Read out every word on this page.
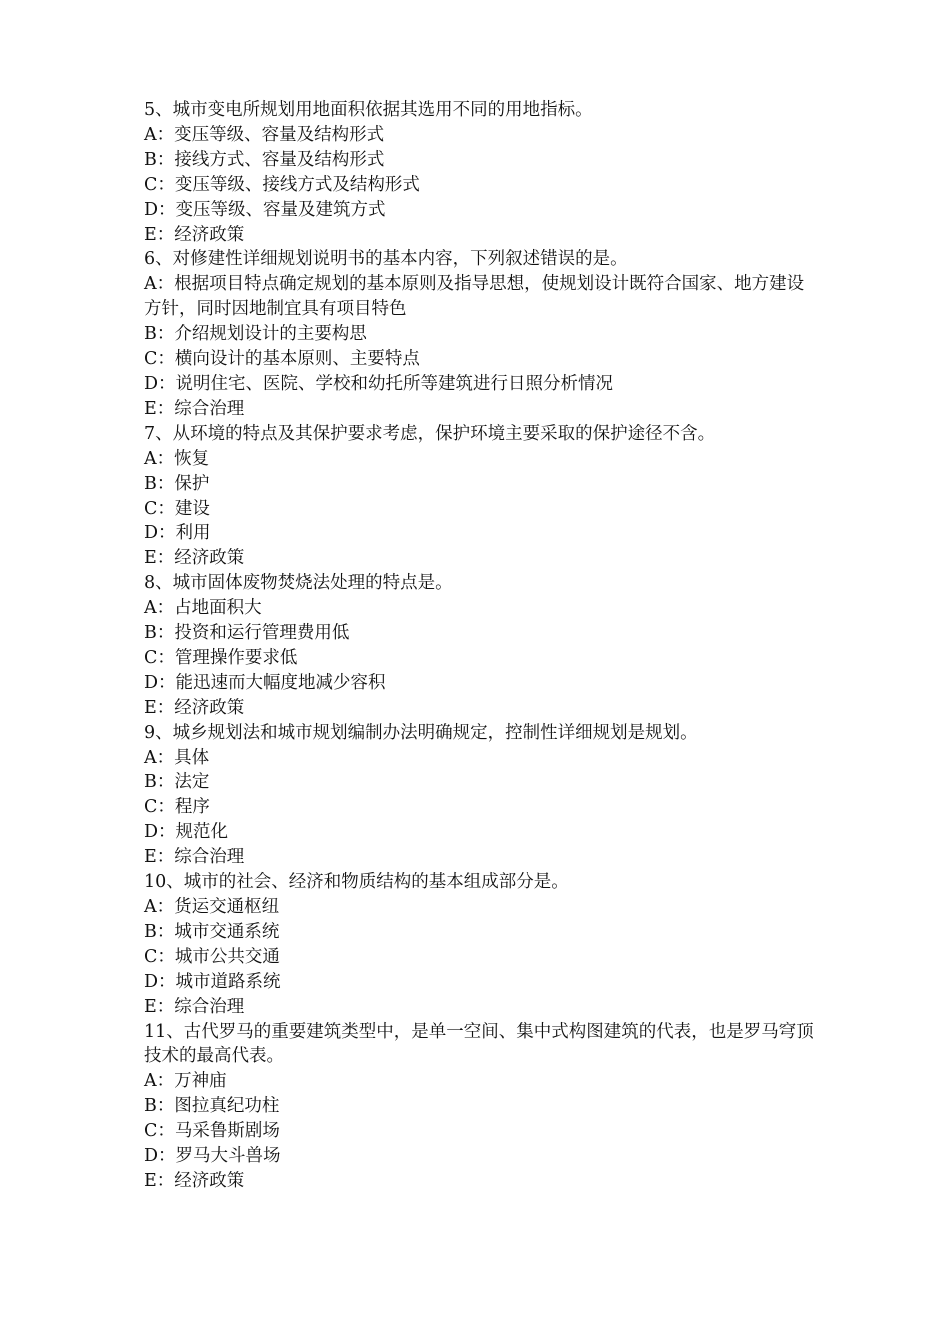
5、城市变电所规划用地面积依据其选用不同的用地指标。

A：变压等级、容量及结构形式

B：接线方式、容量及结构形式

C：变压等级、接线方式及结构形式

D：变压等级、容量及建筑方式

E：经济政策

6、对修建性详细规划说明书的基本内容，下列叙述错误的是。

A：根据项目特点确定规划的基本原则及指导思想，使规划设计既符合国家、地方建设方针，同时因地制宜具有项目特色

B：介绍规划设计的主要构思

C：横向设计的基本原则、主要特点

D：说明住宅、医院、学校和幼托所等建筑进行日照分析情况

E：综合治理

7、从环境的特点及其保护要求考虑，保护环境主要采取的保护途径不含。

A：恢复

B：保护

C：建设

D：利用

E：经济政策

8、城市固体废物焚烧法处理的特点是。

A：占地面积大

B：投资和运行管理费用低

C：管理操作要求低

D：能迅速而大幅度地减少容积

E：经济政策

9、城乡规划法和城市规划编制办法明确规定，控制性详细规划是规划。

A：具体

B：法定

C：程序

D：规范化

E：综合治理

10、城市的社会、经济和物质结构的基本组成部分是。

A：货运交通枢纽

B：城市交通系统

C：城市公共交通

D：城市道路系统

E：综合治理

11、古代罗马的重要建筑类型中，是单一空间、集中式构图建筑的代表，也是罗马穹顶技术的最高代表。

A：万神庙

B：图拉真纪功柱

C：马采鲁斯剧场

D：罗马大斗兽场

E：经济政策
